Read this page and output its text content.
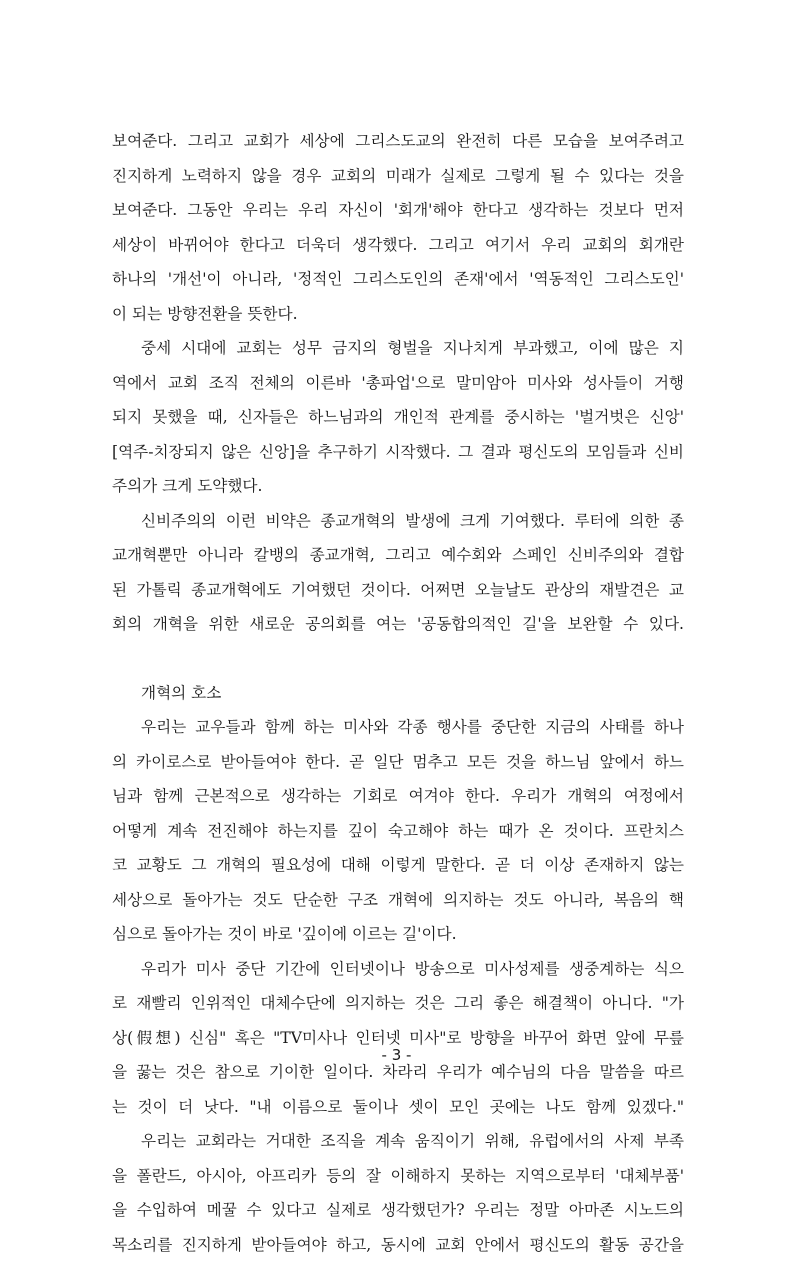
보여준다. 그리고 교회가 세상에 그리스도교의 완전히 다른 모습을 보여주려고
진지하게 노력하지 않을 경우 교회의 미래가 실제로 그렇게 될 수 있다는 것을
보여준다. 그동안 우리는 우리 자신이 '회개'해야 한다고 생각하는 것보다 먼저
세상이 바뀌어야 한다고 더욱더 생각했다. 그리고 여기서 우리 교회의 회개란
하나의 '개선'이 아니라, '정적인 그리스도인의 존재'에서 '역동적인 그리스도인'
이 되는 방향전환을 뜻한다.
중세 시대에 교회는 성무 금지의 형벌을 지나치게 부과했고, 이에 많은 지
역에서 교회 조직 전체의 이른바 '총파업'으로 말미암아 미사와 성사들이 거행
되지 못했을 때, 신자들은 하느님과의 개인적 관계를 중시하는 '벌거벗은 신앙'
[역주-치장되지 않은 신앙]을 추구하기 시작했다. 그 결과 평신도의 모임들과 신비
주의가 크게 도약했다.
신비주의의 이런 비약은 종교개혁의 발생에 크게 기여했다. 루터에 의한 종
교개혁뿐만 아니라 칼뱅의 종교개혁, 그리고 예수회와 스페인 신비주의와 결합
된 가톨릭 종교개혁에도 기여했던 것이다. 어쩌면 오늘날도 관상의 재발견은 교
회의 개혁을 위한 새로운 공의회를 여는 '공동합의적인 길'을 보완할 수 있다.
개혁의 호소
우리는 교우들과 함께 하는 미사와 각종 행사를 중단한 지금의 사태를 하나
의 카이로스로 받아들여야 한다. 곧 일단 멈추고 모든 것을 하느님 앞에서 하느
님과 함께 근본적으로 생각하는 기회로 여겨야 한다. 우리가 개혁의 여정에서
어떻게 계속 전진해야 하는지를 깊이 숙고해야 하는 때가 온 것이다. 프란치스
코 교황도 그 개혁의 필요성에 대해 이렇게 말한다. 곧 더 이상 존재하지 않는
세상으로 돌아가는 것도 단순한 구조 개혁에 의지하는 것도 아니라, 복음의 핵
심으로 돌아가는 것이 바로 '깊이에 이르는 길'이다.
우리가 미사 중단 기간에 인터넷이나 방송으로 미사성제를 생중계하는 식으
로 재빨리 인위적인 대체수단에 의지하는 것은 그리 좋은 해결책이 아니다. "가
상(假想) 신심" 혹은 "TV미사나 인터넷 미사"로 방향을 바꾸어 화면 앞에 무릎
을 꿇는 것은 참으로 기이한 일이다. 차라리 우리가 예수님의 다음 말씀을 따르
는 것이 더 낫다. "내 이름으로 둘이나 셋이 모인 곳에는 나도 함께 있겠다."
우리는 교회라는 거대한 조직을 계속 움직이기 위해, 유럽에서의 사제 부족
을 폴란드, 아시아, 아프리카 등의 잘 이해하지 못하는 지역으로부터 '대체부품'
을 수입하여 메꿀 수 있다고 실제로 생각했던가? 우리는 정말 아마존 시노드의
목소리를 진지하게 받아들여야 하고, 동시에 교회 안에서 평신도의 활동 공간을
- 3 -
